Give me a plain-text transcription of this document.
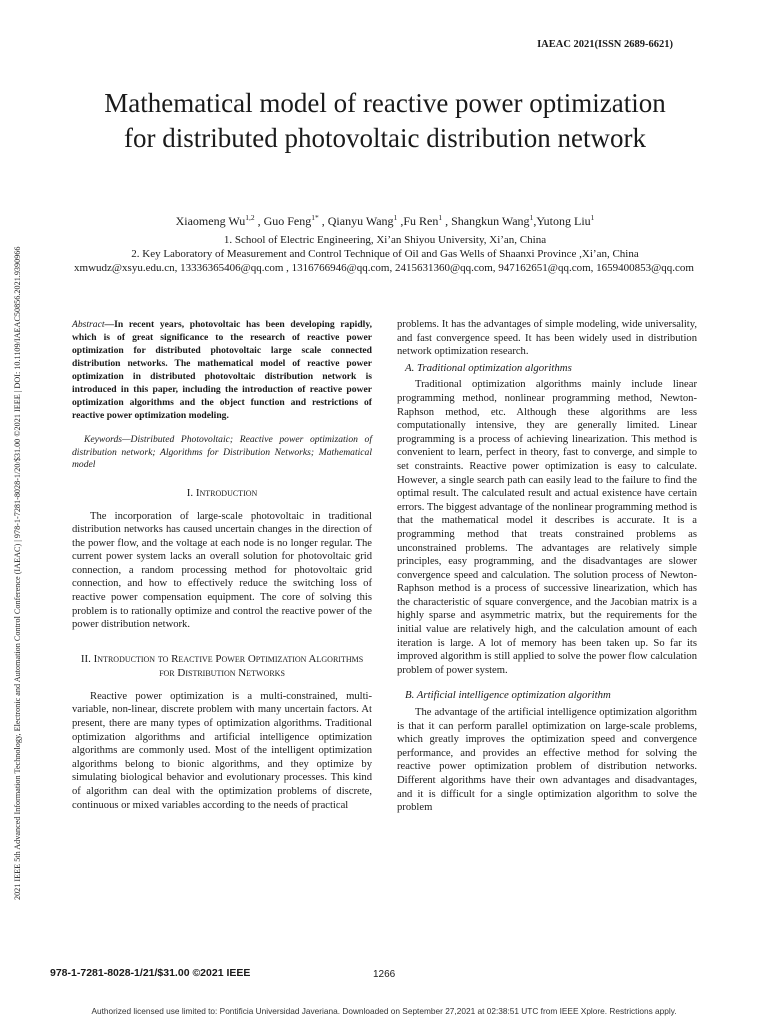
IAEAC 2021(ISSN 2689-6621)
2021 IEEE 5th Advanced Information Technology, Electronic and Automation Control Conference (IAEAC) | 978-1-7281-8028-1/20/$31.00 ©2021 IEEE | DOI: 10.1109/IAEAC50856.2021.9390966
Mathematical model of reactive power optimization for distributed photovoltaic distribution network
Xiaomeng Wu$^{1,2}$ , Guo Feng$^{1*}$ , Qianyu Wang$^1$ ,Fu Ren$^1$ , Shangkun Wang$^1$,Yutong Liu$^1$
1. School of Electric Engineering, Xi’an Shiyou University, Xi’an, China
2. Key Laboratory of Measurement and Control Technique of Oil and Gas Wells of Shaanxi Province ,Xi’an, China
xmwudz@xsyu.edu.cn, 13336365406@qq.com , 1316766946@qq.com, 2415631360@qq.com, 947162651@qq.com, 1659400853@qq.com

Abstract—In recent years, photovoltaic has been developing rapidly, which is of great significance to the research of reactive power optimization for distributed photovoltaic large scale connected distribution networks. The mathematical model of reactive power optimization in distributed photovoltaic distribution network is introduced in this paper, including the introduction of reactive power optimization algorithms and the object function and restrictions of reactive power optimization modeling.

Keywords—Distributed Photovoltaic; Reactive power optimization of distribution network; Algorithms for Distribution Networks; Mathematical model

I. Introduction

The incorporation of large-scale photovoltaic in traditional distribution networks has caused uncertain changes in the direction of the power flow, and the voltage at each node is no longer regular. The current power system lacks an overall solution for photovoltaic grid connection, a random processing method for photovoltaic grid connection, and how to effectively reduce the switching loss of reactive power compensation equipment. The core of solving this problem is to rationally optimize and control the reactive power of the power distribution network.

II. Introduction to Reactive Power Optimization Algorithms for Distribution Networks

Reactive power optimization is a multi-constrained, multi-variable, non-linear, discrete problem with many uncertain factors. At present, there are many types of optimization algorithms. Traditional optimization algorithms and artificial intelligence optimization algorithms are commonly used. Most of the intelligent optimization algorithms belong to bionic algorithms, and they optimize by simulating biological behavior and evolutionary processes. This kind of algorithm can deal with the optimization problems of discrete, continuous or mixed variables according to the needs of practical

problems. It has the advantages of simple modeling, wide universality, and fast convergence speed. It has been widely used in distribution network optimization research.

A. Traditional optimization algorithms

Traditional optimization algorithms mainly include linear programming method, nonlinear programming method, Newton-Raphson method, etc. Although these algorithms are less computationally intensive, they are generally limited. Linear programming is a process of achieving linearization. This method is convenient to learn, perfect in theory, fast to converge, and simple to set constraints. Reactive power optimization is easy to calculate. However, a single search path can easily lead to the failure to find the optimal result. The calculated result and actual existence have certain errors. The biggest advantage of the nonlinear programming method is that the mathematical model it describes is accurate. It is a programming method that treats constrained problems as unconstrained problems. The advantages are relatively simple principles, easy programming, and the disadvantages are slower convergence speed and calculation. The solution process of Newton-Raphson method is a process of successive linearization, which has the characteristic of square convergence, and the Jacobian matrix is a highly sparse and asymmetric matrix, but the requirements for the initial value are relatively high, and the calculation amount of each iteration is large. A lot of memory has been taken up. So far its improved algorithm is still applied to solve the power flow calculation problem of power system.

B. Artificial intelligence optimization algorithm

The advantage of the artificial intelligence optimization algorithm is that it can perform parallel optimization on large-scale problems, which greatly improves the optimization speed and convergence performance, and provides an effective method for solving the reactive power optimization problem of distribution networks. Different algorithms have their own advantages and disadvantages, and it is difficult for a single optimization algorithm to solve the problem

978-1-7281-8028-1/21/$31.00 ©2021 IEEE	1266
Authorized licensed use limited to: Pontificia Universidad Javeriana. Downloaded on September 27,2021 at 02:38:51 UTC from IEEE Xplore. Restrictions apply.
